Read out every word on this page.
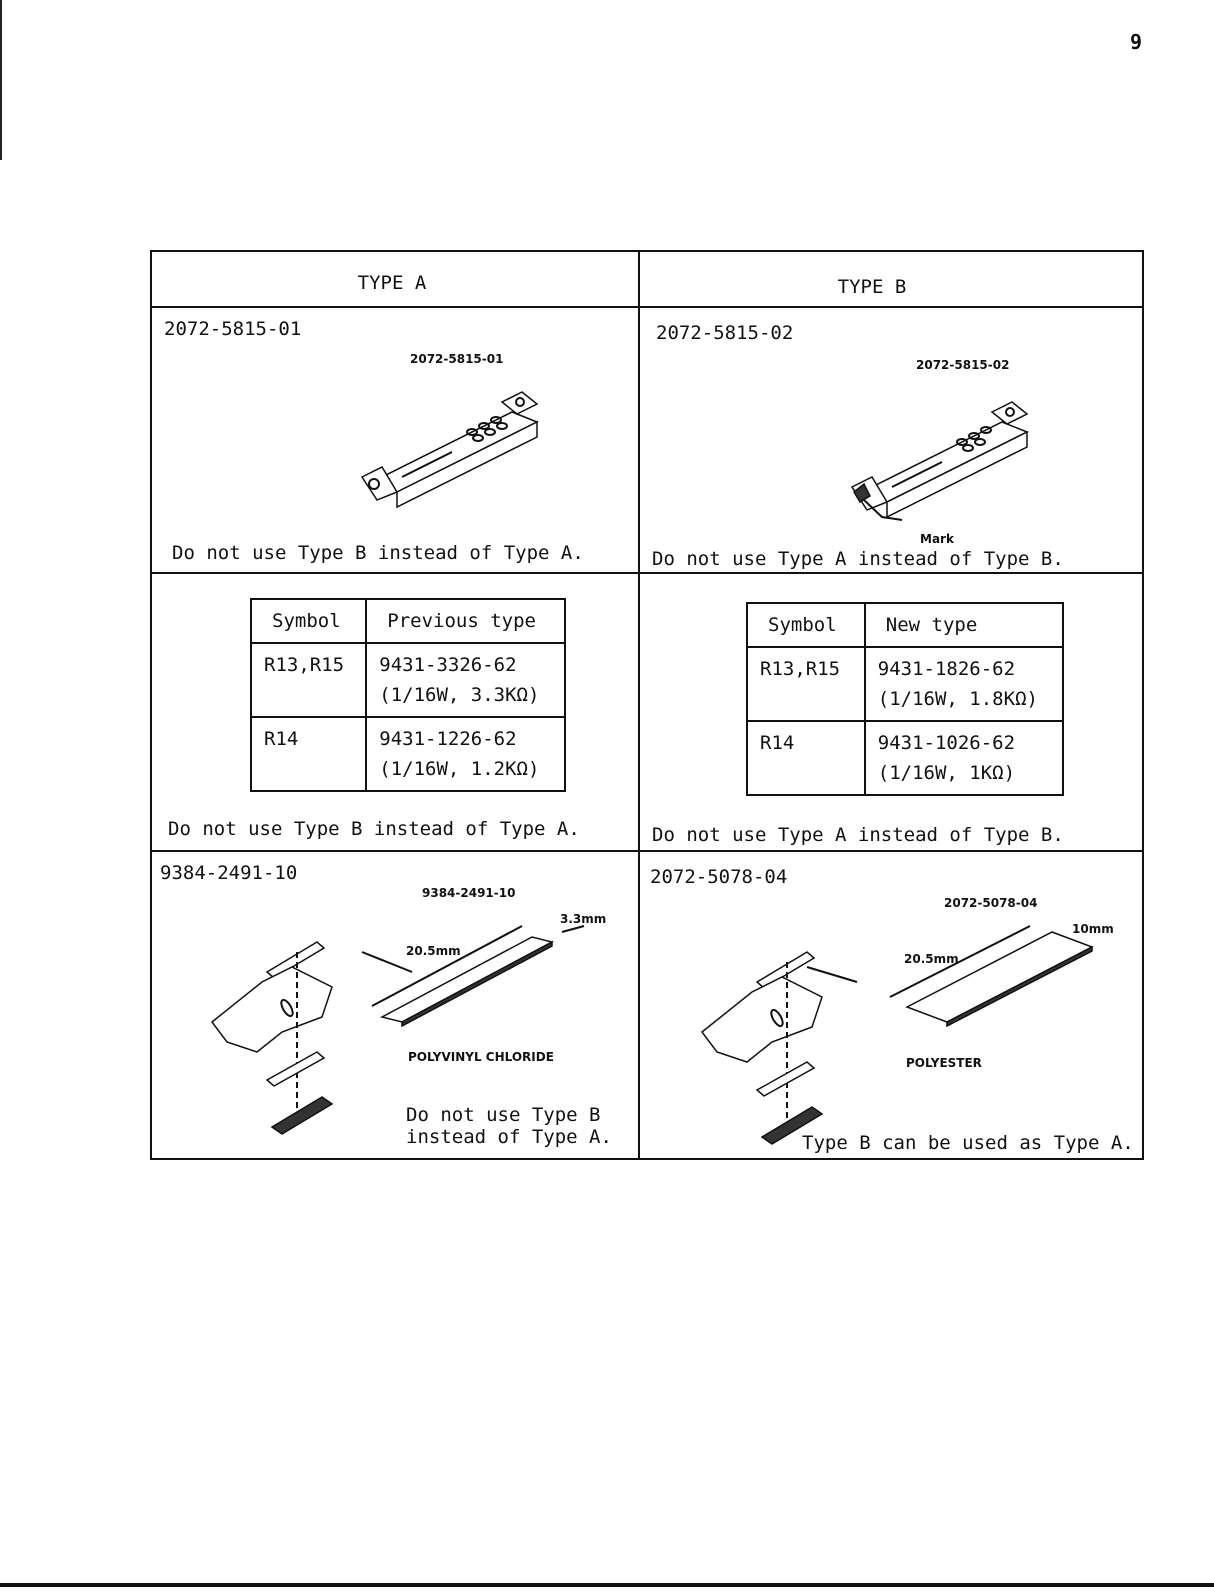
9
TYPE A	TYPE B
2072-5815-01
2072-5815-01
Do not use Type B instead of Type A.
2072-5815-02
2072-5815-02
Mark
Do not use Type A instead of Type B.
Symbol	Previous type
R13,R15	9431-3326-62
(1/16W, 3.3KΩ)

R14	9431-1226-62
(1/16W, 1.2KΩ)
Do not use Type B instead of Type A.
Symbol	New type
R13,R15	9431-1826-62
(1/16W, 1.8KΩ)

R14	9431-1026-62
(1/16W, 1KΩ)
Do not use Type A instead of Type B.
9384-2491-10
9384-2491-10
3.3mm
20.5mm
POLYVINYL CHLORIDE
Do not use Type B
instead of Type A.
2072-5078-04
2072-5078-04
10mm
20.5mm
POLYESTER
Type B can be used as Type A.
